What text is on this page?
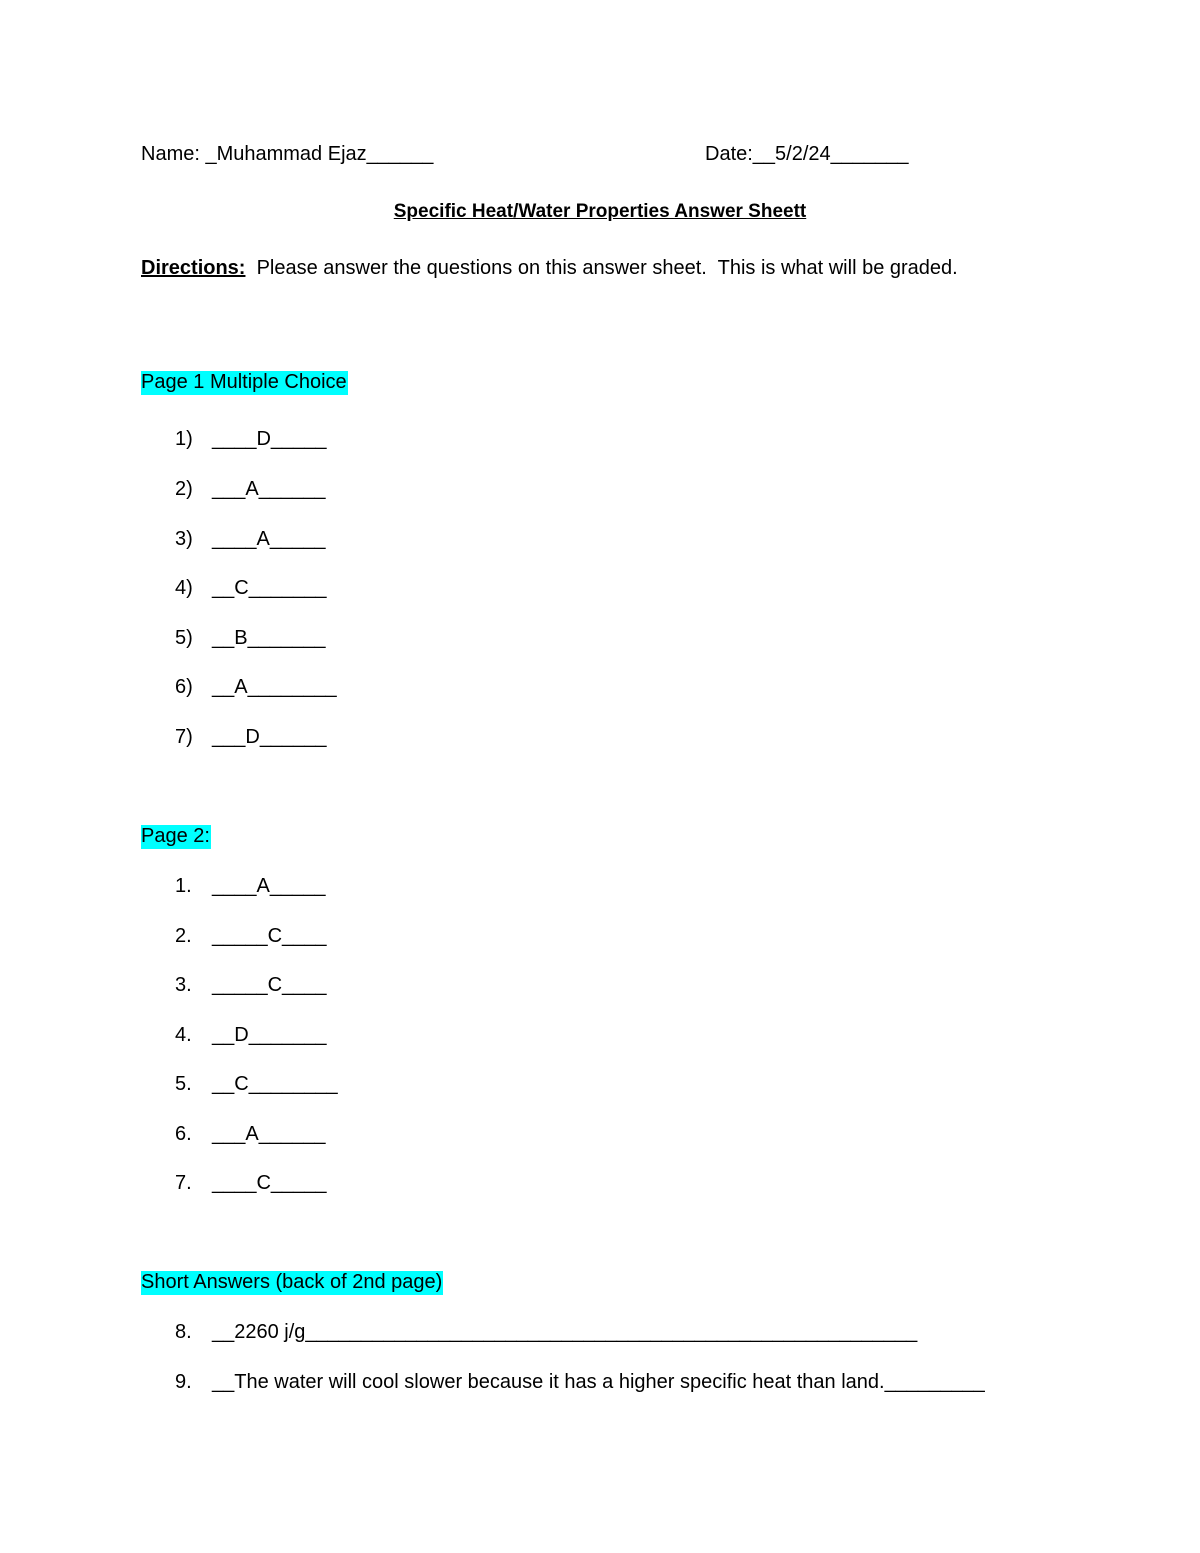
Name: _Muhammad Ejaz______	Date:__5/2/24_______
Specific Heat/Water Properties Answer Sheett
Directions:  Please answer the questions on this answer sheet.  This is what will be graded.
Page 1 Multiple Choice
1) ____D_____
2) ___A______
3) ____A_____
4) __C_______
5) __B_______
6) __A________
7) ___D______
Page 2:
1. ____A_____
2. _____C____
3. _____C____
4. __D_______
5. __C________
6. ___A______
7. ____C_____
Short Answers (back of 2nd page)
8. __2260 j/g_______________________________________________________
9. __The water will cool slower because it has a higher specific heat than land._________
